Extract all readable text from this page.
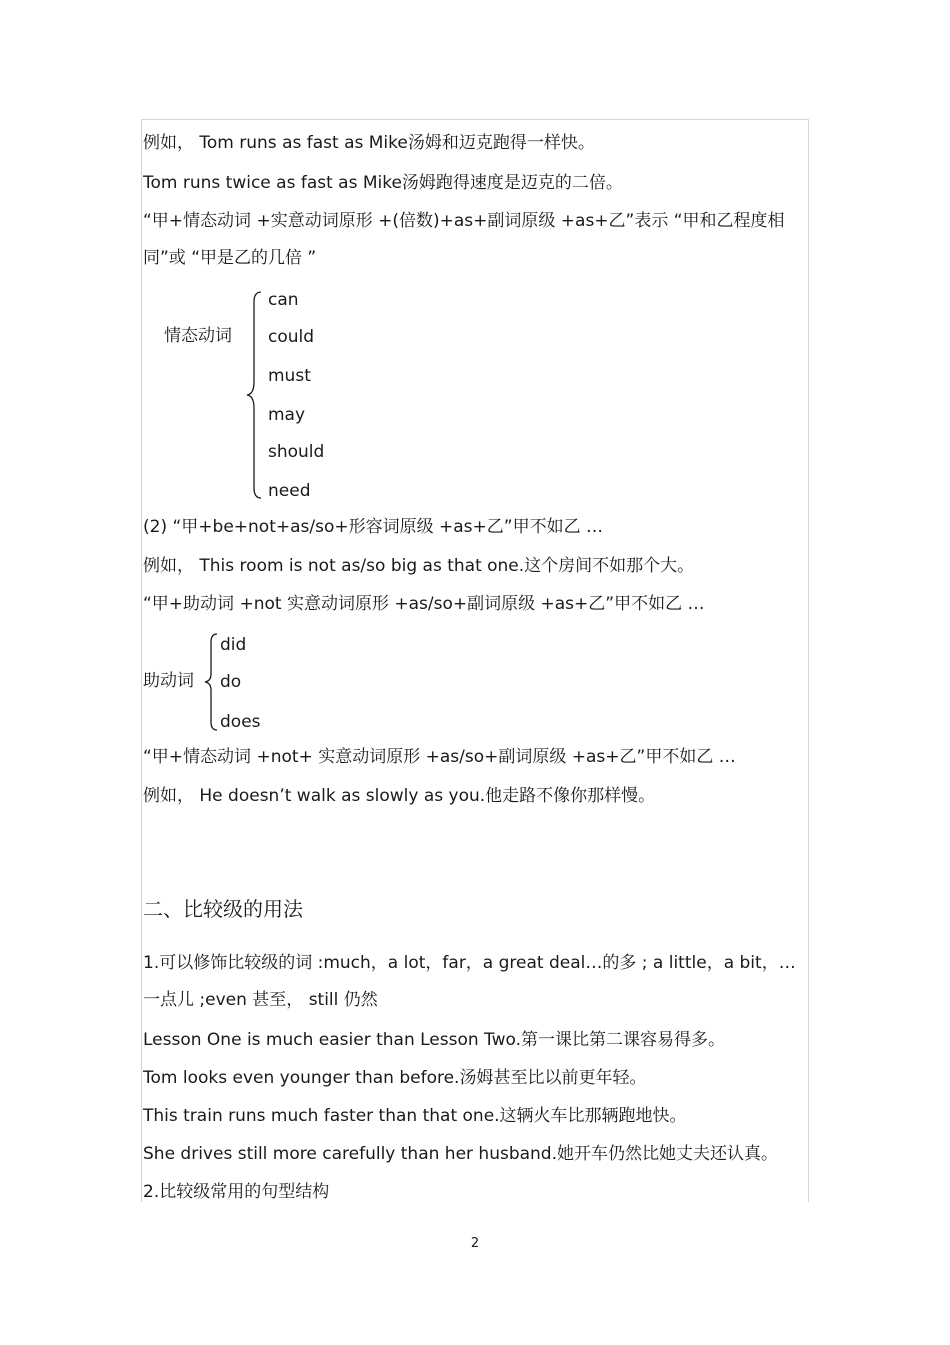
例如， Tom runs as fast as Mike汤姆和迈克跑得一样快。
Tom runs twice as fast as Mike汤姆跑得速度是迈克的二倍。
“甲+情态动词 +实意动词原形 +(倍数)+as+副词原级 +as+乙”表示 “甲和乙程度相
同”或 “甲是乙的几倍 ”
情态动词
can
could
must
may
should
need
(2) “甲+be+not+as/so+形容词原级 +as+乙”甲不如乙 …
例如， This room is not as/so big as that one.这个房间不如那个大。
“甲+助动词 +not 实意动词原形 +as/so+副词原级 +as+乙”甲不如乙 …
助动词
did
do
does
“甲+情态动词 +not+ 实意动词原形 +as/so+副词原级 +as+乙”甲不如乙 …
例如， He doesn’t walk as slowly as you.他走路不像你那样慢。
二、比较级的用法
1.可以修饰比较级的词 :much，a lot，far，a great deal…的多 ; a little，a bit，…
一点儿 ;even 甚至， still 仍然
Lesson One is much easier than Lesson Two.第一课比第二课容易得多。
Tom looks even younger than before.汤姆甚至比以前更年轻。
This train runs much faster than that one.这辆火车比那辆跑地快。
She drives still more carefully than her husband.她开车仍然比她丈夫还认真。
2.比较级常用的句型结构
2
